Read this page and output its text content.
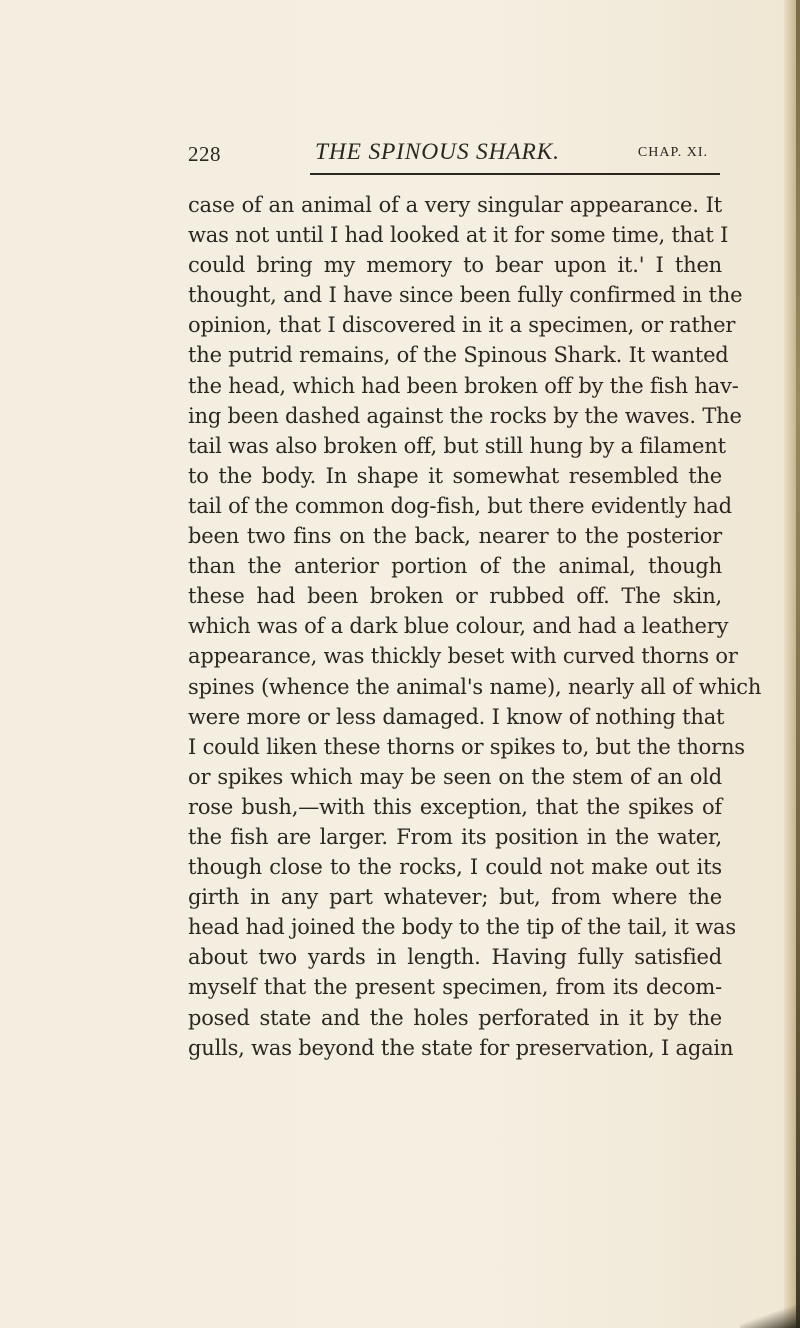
228	THE SPINOUS SHARK.	CHAP. XI.
case of an animal of a very singular appearance. It
was not until I had looked at it for some time, that I
could bring my memory to bear upon it.' I then
thought, and I have since been fully confirmed in the
opinion, that I discovered in it a specimen, or rather
the putrid remains, of the Spinous Shark. It wanted
the head, which had been broken off by the fish hav-
ing been dashed against the rocks by the waves. The
tail was also broken off, but still hung by a filament
to the body. In shape it somewhat resembled the
tail of the common dog-fish, but there evidently had
been two fins on the back, nearer to the posterior
than the anterior portion of the animal, though
these had been broken or rubbed off. The skin,
which was of a dark blue colour, and had a leathery
appearance, was thickly beset with curved thorns or
spines (whence the animal's name), nearly all of which
were more or less damaged. I know of nothing that
I could liken these thorns or spikes to, but the thorns
or spikes which may be seen on the stem of an old
rose bush,—with this exception, that the spikes of
the fish are larger. From its position in the water,
though close to the rocks, I could not make out its
girth in any part whatever; but, from where the
head had joined the body to the tip of the tail, it was
about two yards in length. Having fully satisfied
myself that the present specimen, from its decom-
posed state and the holes perforated in it by the
gulls, was beyond the state for preservation, I again
